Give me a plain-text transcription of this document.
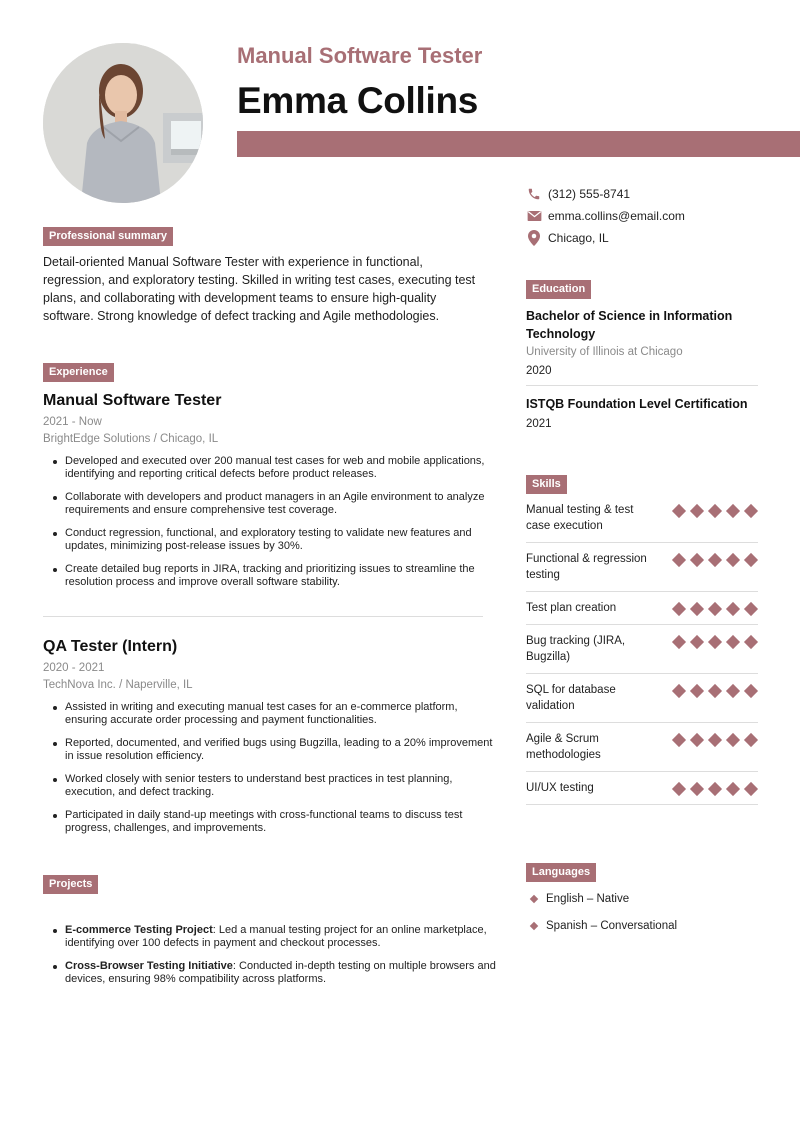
Manual Software Tester
Emma Collins
(312) 555-8741
emma.collins@email.com
Chicago, IL
Professional summary
Detail-oriented Manual Software Tester with experience in functional, regression, and exploratory testing. Skilled in writing test cases, executing test plans, and collaborating with development teams to ensure high-quality software. Strong knowledge of defect tracking and Agile methodologies.
Experience
Manual Software Tester
2021 - Now
BrightEdge Solutions / Chicago, IL
Developed and executed over 200 manual test cases for web and mobile applications, identifying and reporting critical defects before product releases.
Collaborate with developers and product managers in an Agile environment to analyze requirements and ensure comprehensive test coverage.
Conduct regression, functional, and exploratory testing to validate new features and updates, minimizing post-release issues by 30%.
Create detailed bug reports in JIRA, tracking and prioritizing issues to streamline the resolution process and improve overall software stability.
QA Tester (Intern)
2020 - 2021
TechNova Inc. / Naperville, IL
Assisted in writing and executing manual test cases for an e-commerce platform, ensuring accurate order processing and payment functionalities.
Reported, documented, and verified bugs using Bugzilla, leading to a 20% improvement in issue resolution efficiency.
Worked closely with senior testers to understand best practices in test planning, execution, and defect tracking.
Participated in daily stand-up meetings with cross-functional teams to discuss test progress, challenges, and improvements.
Projects
E-commerce Testing Project: Led a manual testing project for an online marketplace, identifying over 100 defects in payment and checkout processes.
Cross-Browser Testing Initiative: Conducted in-depth testing on multiple browsers and devices, ensuring 98% compatibility across platforms.
Education
Bachelor of Science in Information Technology
University of Illinois at Chicago
2020
ISTQB Foundation Level Certification
2021
Skills
Manual testing & test case execution
Functional & regression testing
Test plan creation
Bug tracking (JIRA, Bugzilla)
SQL for database validation
Agile & Scrum methodologies
UI/UX testing
Languages
English – Native
Spanish – Conversational
